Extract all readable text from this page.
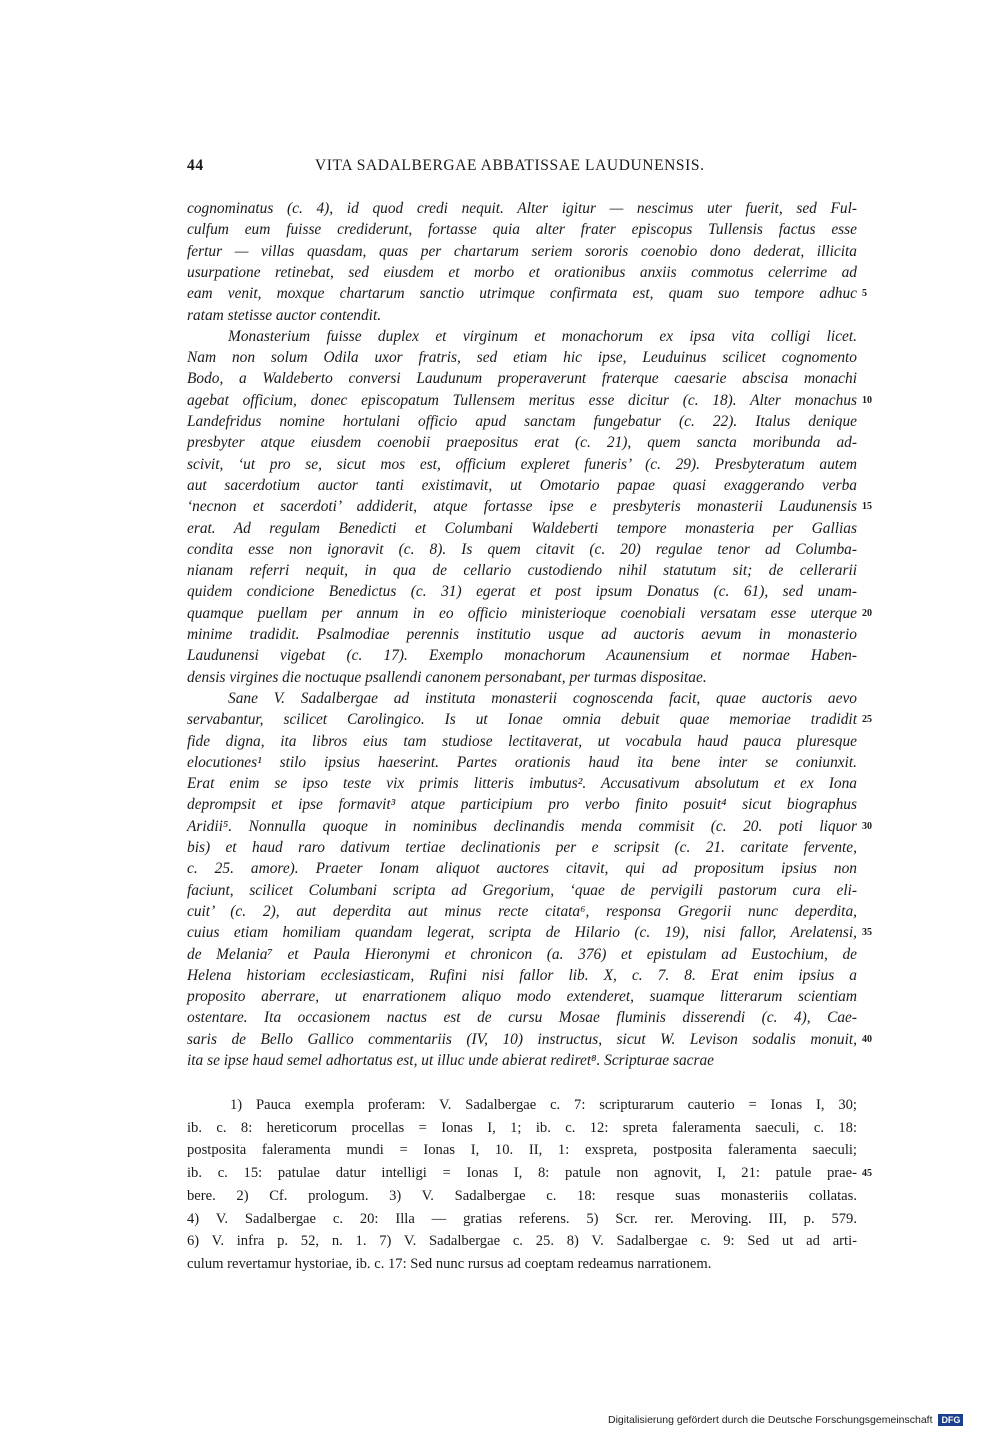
44	VITA SADALBERGAE ABBATISSAE LAUDUNENSIS.
cognominatus (c. 4), id quod credi nequit. Alter igitur — nescimus uter fuerit, sed Ful-
culfum eum fuisse crediderunt, fortasse quia alter frater episcopus Tullensis factus esse
fertur — villas quasdam, quas per chartarum seriem sororis coenobio dono dederat, illicita
usurpatione retinebat, sed eiusdem et morbo et orationibus anxiis commotus celerrime ad
eam venit, moxque chartarum sanctio utrimque confirmata est, quam suo tempore adhuc
ratam stetisse auctor contendit.
Monasterium fuisse duplex et virginum et monachorum ex ipsa vita colligi licet.
Nam non solum Odila uxor fratris, sed etiam hic ipse, Leuduinus scilicet cognomento
Bodo, a Waldeberto conversi Laudunum properaverunt fraterque caesarie abscisa monachi
agebat officium, donec episcopatum Tullensem meritus esse dicitur (c. 18). Alter monachus
Landefridus nomine hortulani officio apud sanctam fungebatur (c. 22). Italus denique
presbyter atque eiusdem coenobii praepositus erat (c. 21), quem sancta moribunda ad-
scivit, ‘ut pro se, sicut mos est, officium expleret funeris’ (c. 29). Presbyteratum autem
aut sacerdotium auctor tanti existimavit, ut Omotario papae quasi exaggerando verba
‘necnon et sacerdoti’ addiderit, atque fortasse ipse e presbyteris monasterii Laudunensis
erat. Ad regulam Benedicti et Columbani Waldeberti tempore monasteria per Gallias
condita esse non ignoravit (c. 8). Is quem citavit (c. 20) regulae tenor ad Columba-
nianam referri nequit, in qua de cellario custodiendo nihil statutum sit; de cellerarii
quidem condicione Benedictus (c. 31) egerat et post ipsum Donatus (c. 61), sed unam-
quamque puellam per annum in eo officio ministerioque coenobiali versatam esse uterque
minime tradidit. Psalmodiae perennis institutio usque ad auctoris aevum in monasterio
Laudunensi vigebat (c. 17). Exemplo monachorum Acaunensium et normae Haben-
densis virgines die noctuque psallendi canonem personabant, per turmas dispositae.
Sane V. Sadalbergae ad instituta monasterii cognoscenda facit, quae auctoris aevo
servabantur, scilicet Carolingico. Is ut Ionae omnia debuit quae memoriae tradidit
fide digna, ita libros eius tam studiose lectitaverat, ut vocabula haud pauca pluresque
elocutiones¹ stilo ipsius haeserint. Partes orationis haud ita bene inter se coniunxit.
Erat enim se ipso teste vix primis litteris imbutus². Accusativum absolutum et ex Iona
deprompsit et ipse formavit³ atque participium pro verbo finito posuit⁴ sicut biographus
Aridii⁵. Nonnulla quoque in nominibus declinandis menda commisit (c. 20. poti liquor
bis) et haud raro dativum tertiae declinationis per e scripsit (c. 21. caritate fervente,
c. 25. amore). Praeter Ionam aliquot auctores citavit, qui ad propositum ipsius non
faciunt, scilicet Columbani scripta ad Gregorium, ‘quae de pervigili pastorum cura eli-
cuit’ (c. 2), aut deperdita aut minus recte citata⁶, responsa Gregorii nunc deperdita,
cuius etiam homiliam quandam legerat, scripta de Hilario (c. 19), nisi fallor, Arelatensi,
de Melania⁷ et Paula Hieronymi et chronicon (a. 376) et epistulam ad Eustochium, de
Helena historiam ecclesiasticam, Rufini nisi fallor lib. X, c. 7. 8. Erat enim ipsius a
proposito aberrare, ut enarrationem aliquo modo extenderet, suamque litterarum scientiam
ostentare. Ita occasionem nactus est de cursu Mosae fluminis disserendi (c. 4), Cae-
saris de Bello Gallico commentariis (IV, 10) instructus, sicut W. Levison sodalis monuit,
ita se ipse haud semel adhortatus est, ut illuc unde abierat rediret⁸. Scripturae sacrae
1) Pauca exempla proferam: V. Sadalbergae c. 7: scripturarum cauterio = Ionas I, 30;
ib. c. 8: hereticorum procellas = Ionas I, 1; ib. c. 12: spreta faleramenta saeculi, c. 18:
postposita faleramenta mundi = Ionas I, 10. II, 1: exspreta, postposita faleramenta saeculi;
ib. c. 15: patulae datur intelligi = Ionas I, 8: patule non agnovit, I, 21: patule prae-
bere. 2) Cf. prologum. 3) V. Sadalbergae c. 18: resque suas monasteriis collatas.
4) V. Sadalbergae c. 20: Illa — gratias referens. 5) Scr. rer. Meroving. III, p. 579.
6) V. infra p. 52, n. 1. 7) V. Sadalbergae c. 25. 8) V. Sadalbergae c. 9: Sed ut ad arti-
culum revertamur hystoriae, ib. c. 17: Sed nunc rursus ad coeptam redeamus narrationem.
5
10
15
20
25
30
35
40
45
Digitalisierung gefördert durch die Deutsche Forschungsgemeinschaft DFG
